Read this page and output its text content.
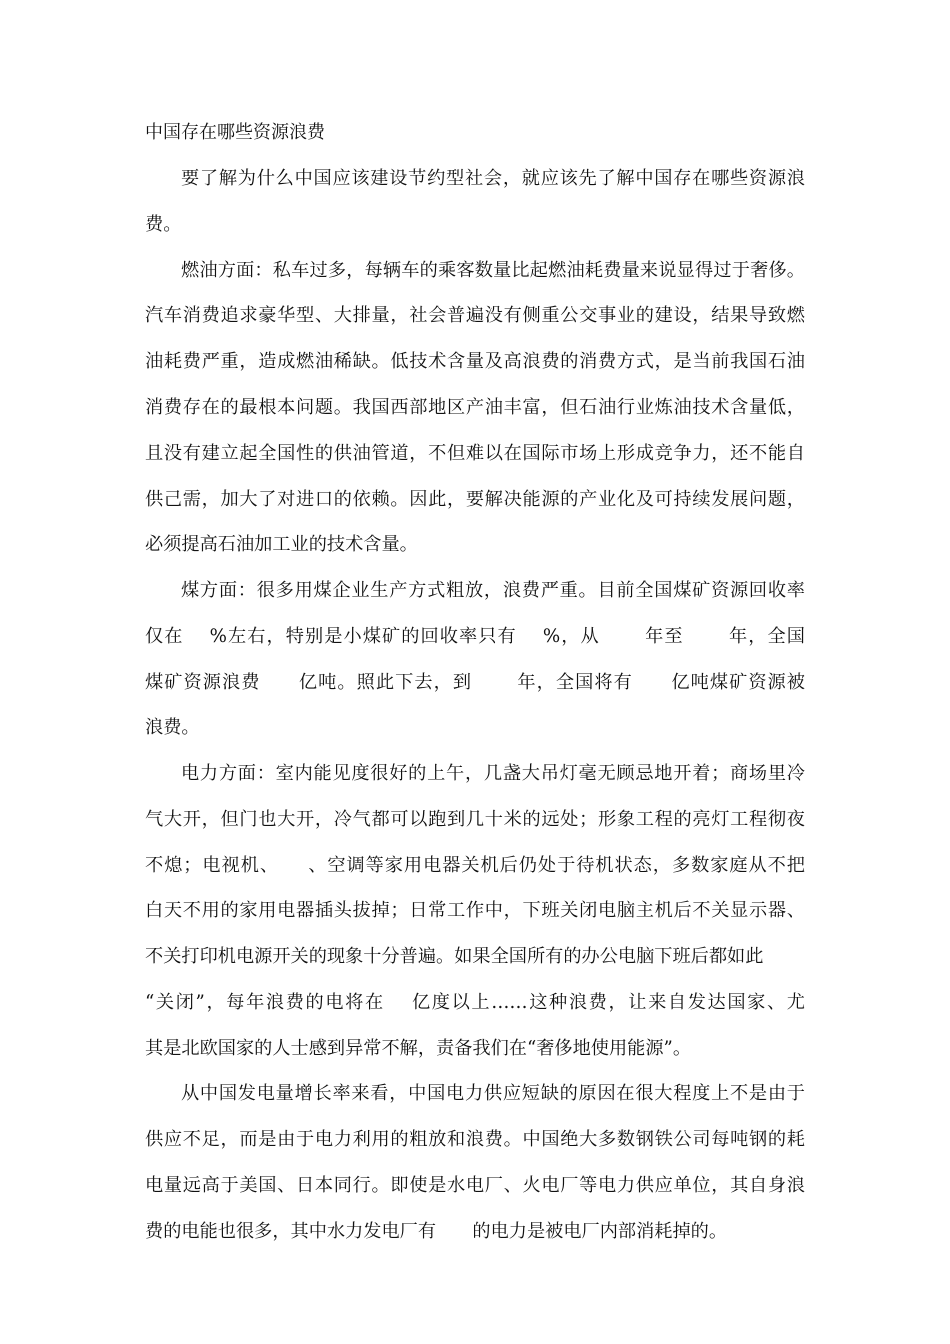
中国存在哪些资源浪费
要了解为什么中国应该建设节约型社会，就应该先了解中国存在哪些资源浪
费。
燃油方面：私车过多，每辆车的乘客数量比起燃油耗费量来说显得过于奢侈。
汽车消费追求豪华型、大排量，社会普遍没有侧重公交事业的建设，结果导致燃
油耗费严重，造成燃油稀缺。低技术含量及高浪费的消费方式，是当前我国石油
消费存在的最根本问题。我国西部地区产油丰富，但石油行业炼油技术含量低，
且没有建立起全国性的供油管道，不但难以在国际市场上形成竞争力，还不能自
供己需，加大了对进口的依赖。因此，要解决能源的产业化及可持续发展问题，
必须提高石油加工业的技术含量。
煤方面：很多用煤企业生产方式粗放，浪费严重。目前全国煤矿资源回收率
仅在　 %左右，特别是小煤矿的回收率只有　 %，从　　 年至　　 年，全国
煤矿资源浪费　　亿吨。照此下去，到　　 年，全国将有　　亿吨煤矿资源被
浪费。
电力方面：室内能见度很好的上午，几盏大吊灯毫无顾忌地开着；商场里冷
气大开，但门也大开，冷气都可以跑到几十米的远处；形象工程的亮灯工程彻夜
不熄；电视机、　　、空调等家用电器关机后仍处于待机状态，多数家庭从不把
白天不用的家用电器插头拔掉；日常工作中，下班关闭电脑主机后不关显示器、
不关打印机电源开关的现象十分普遍。如果全国所有的办公电脑下班后都如此
“关闭”，每年浪费的电将在　 亿度以上……这种浪费，让来自发达国家、尤
其是北欧国家的人士感到异常不解，责备我们在“奢侈地使用能源”。
从中国发电量增长率来看，中国电力供应短缺的原因在很大程度上不是由于
供应不足，而是由于电力利用的粗放和浪费。中国绝大多数钢铁公司每吨钢的耗
电量远高于美国、日本同行。即使是水电厂、火电厂等电力供应单位，其自身浪
费的电能也很多，其中水力发电厂有　　的电力是被电厂内部消耗掉的。
